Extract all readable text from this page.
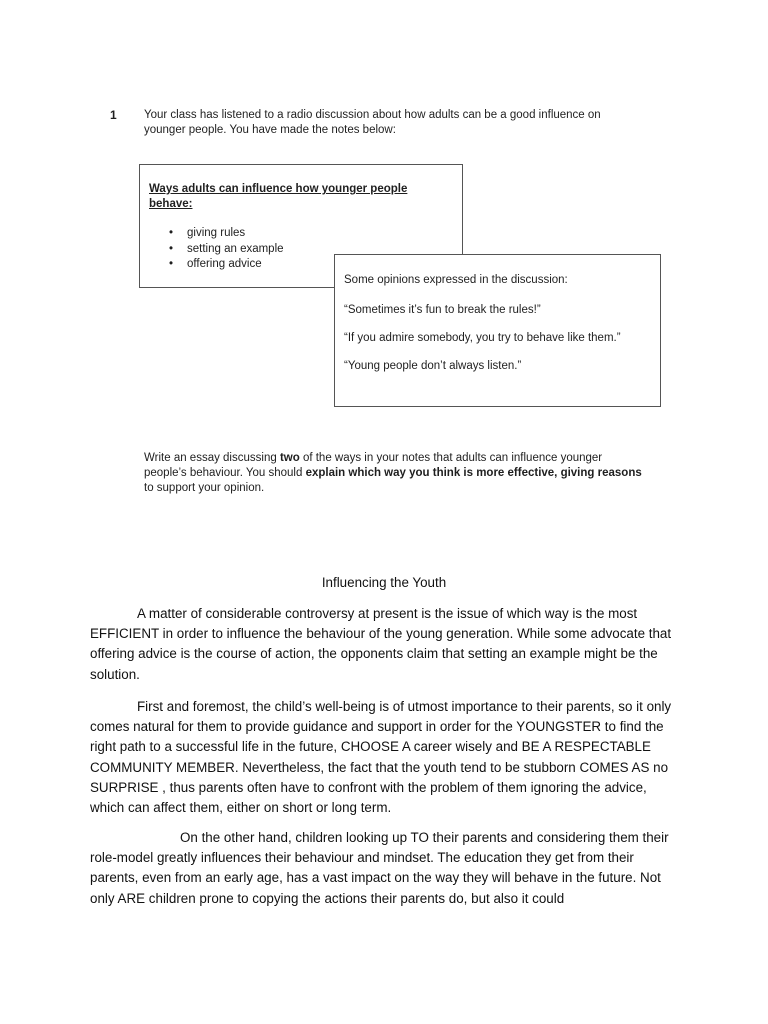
1 Your class has listened to a radio discussion about how adults can be a good influence on younger people. You have made the notes below:
Ways adults can influence how younger people behave:
• giving rules
• setting an example
• offering advice

Some opinions expressed in the discussion:

“Sometimes it’s fun to break the rules!”

“If you admire somebody, you try to behave like them.”

“Young people don’t always listen.”

Write an essay discussing two of the ways in your notes that adults can influence younger people’s behaviour. You should explain which way you think is more effective, giving reasons to support your opinion.
Influencing the Youth

A matter of considerable controversy at present is the issue of which way is the most EFFICIENT in order to influence the behaviour of the young generation. While some advocate that offering advice is the course of action, the opponents claim that setting an example might be the solution.

First and foremost, the child’s well-being is of utmost importance to their parents, so it only comes natural for them to provide guidance and support in order for the YOUNGSTER to find the right path to a successful life in the future, CHOOSE A career wisely and BE A RESPECTABLE COMMUNITY MEMBER. Nevertheless, the fact that the youth tend to be stubborn COMES AS no SURPRISE , thus parents often have to confront with the problem of them ignoring the advice, which can affect them, either on short or long term.

On the other hand, children looking up TO their parents and considering them their role-model greatly influences their behaviour and mindset. The education they get from their parents, even from an early age, has a vast impact on the way they will behave in the future. Not only ARE children prone to copying the actions their parents do, but also it could
